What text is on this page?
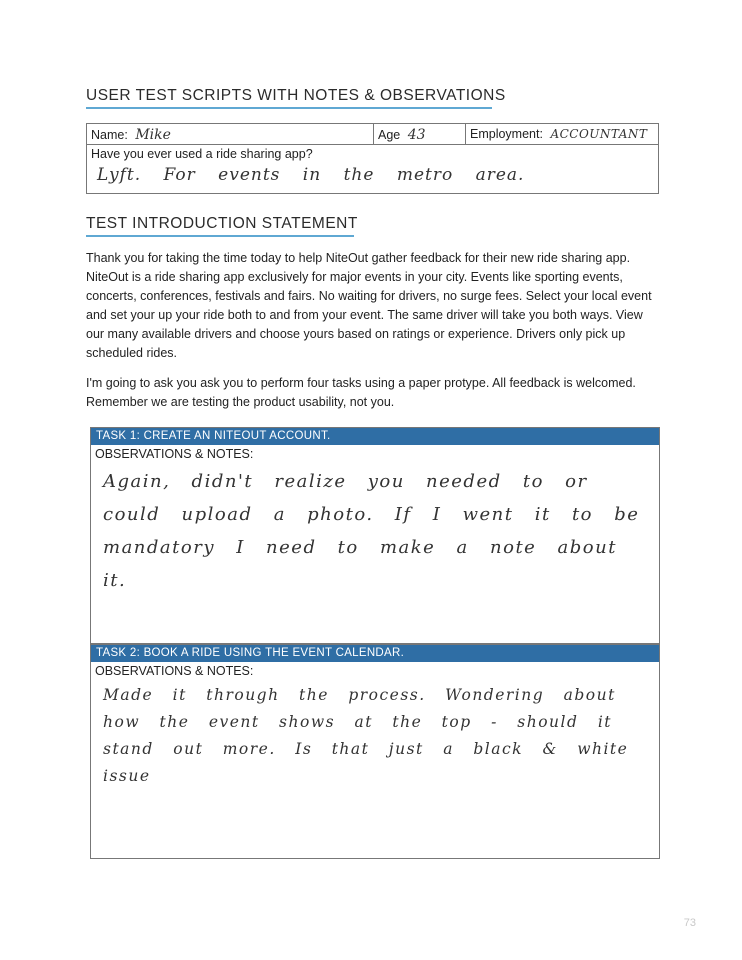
USER TEST SCRIPTS WITH NOTES & OBSERVATIONS
Name: Mike	Age 43	Employment: ACCOUNTANT
Have you ever used a ride sharing app?
Lyft. For events in the metro area.
TEST INTRODUCTION STATEMENT
Thank you for taking the time today to help NiteOut gather feedback for their new ride sharing app. NiteOut is a ride sharing app exclusively for major events in your city. Events like sporting events, concerts, conferences, festivals and fairs. No waiting for drivers, no surge fees. Select your local event and set your up your ride both to and from your event. The same driver will take you both ways. View our many available drivers and choose yours based on ratings or experience. Drivers only pick up scheduled rides.
I'm going to ask you ask you to perform four tasks using a paper protype. All feedback is welcomed. Remember we are testing the product usability, not you.
TASK 1: CREATE AN NITEOUT ACCOUNT.
OBSERVATIONS & NOTES:
Again, didn't realize you needed to or could upload a photo. If I went it to be mandatory I need to make a note about it.
TASK 2: BOOK A RIDE USING THE EVENT CALENDAR.
OBSERVATIONS & NOTES:
Made it through the process. Wondering about how the event shows at the top - should it stand out more. Is that just a black & white issue
73
